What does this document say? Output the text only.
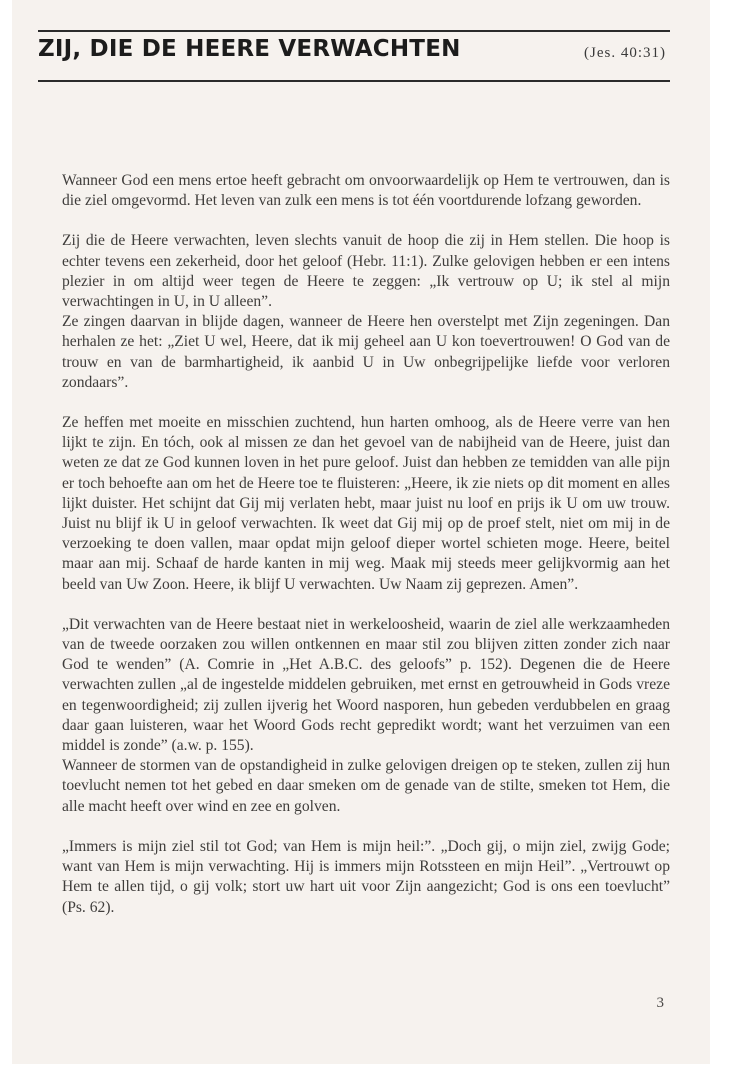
ZIJ, DIE DE HEERE VERWACHTEN	(Jes. 40:31)

Wanneer God een mens ertoe heeft gebracht om onvoorwaardelijk op Hem te vertrouwen, dan is die ziel omgevormd. Het leven van zulk een mens is tot één voortdurende lofzang geworden.

Zij die de Heere verwachten, leven slechts vanuit de hoop die zij in Hem stellen. Die hoop is echter tevens een zekerheid, door het geloof (Hebr. 11:1). Zulke gelovigen hebben er een intens plezier in om altijd weer tegen de Heere te zeggen: „Ik vertrouw op U; ik stel al mijn verwachtingen in U, in U alleen”.

Ze zingen daarvan in blijde dagen, wanneer de Heere hen overstelpt met Zijn zegeningen. Dan herhalen ze het: „Ziet U wel, Heere, dat ik mij geheel aan U kon toevertrouwen! O God van de trouw en van de barmhartigheid, ik aanbid U in Uw onbegrijpelijke liefde voor verloren zondaars”.

Ze heffen met moeite en misschien zuchtend, hun harten omhoog, als de Heere verre van hen lijkt te zijn. En tóch, ook al missen ze dan het gevoel van de nabijheid van de Heere, juist dan weten ze dat ze God kunnen loven in het pure geloof. Juist dan hebben ze temidden van alle pijn er toch behoefte aan om het de Heere toe te fluisteren: „Heere, ik zie niets op dit moment en alles lijkt duister. Het schijnt dat Gij mij verlaten hebt, maar juist nu loof en prijs ik U om uw trouw. Juist nu blijf ik U in geloof verwachten. Ik weet dat Gij mij op de proef stelt, niet om mij in de verzoeking te doen vallen, maar opdat mijn geloof dieper wortel schieten moge. Heere, beitel maar aan mij. Schaaf de harde kanten in mij weg. Maak mij steeds meer gelijkvormig aan het beeld van Uw Zoon. Heere, ik blijf U verwachten. Uw Naam zij geprezen. Amen”.

„Dit verwachten van de Heere bestaat niet in werkeloosheid, waarin de ziel alle werkzaamheden van de tweede oorzaken zou willen ontkennen en maar stil zou blijven zitten zonder zich naar God te wenden” (A. Comrie in „Het A.B.C. des geloofs” p. 152). Degenen die de Heere verwachten zullen „al de ingestelde middelen gebruiken, met ernst en getrouwheid in Gods vreze en tegenwoordigheid; zij zullen ijverig het Woord nasporen, hun gebeden verdubbelen en graag daar gaan luisteren, waar het Woord Gods recht gepredikt wordt; want het verzuimen van een middel is zonde” (a.w. p. 155).

Wanneer de stormen van de opstandigheid in zulke gelovigen dreigen op te steken, zullen zij hun toevlucht nemen tot het gebed en daar smeken om de genade van de stilte, smeken tot Hem, die alle macht heeft over wind en zee en golven.

„Immers is mijn ziel stil tot God; van Hem is mijn heil:”. „Doch gij, o mijn ziel, zwijg Gode; want van Hem is mijn verwachting. Hij is immers mijn Rotssteen en mijn Heil”. „Vertrouwt op Hem te allen tijd, o gij volk; stort uw hart uit voor Zijn aangezicht; God is ons een toevlucht” (Ps. 62).

3
